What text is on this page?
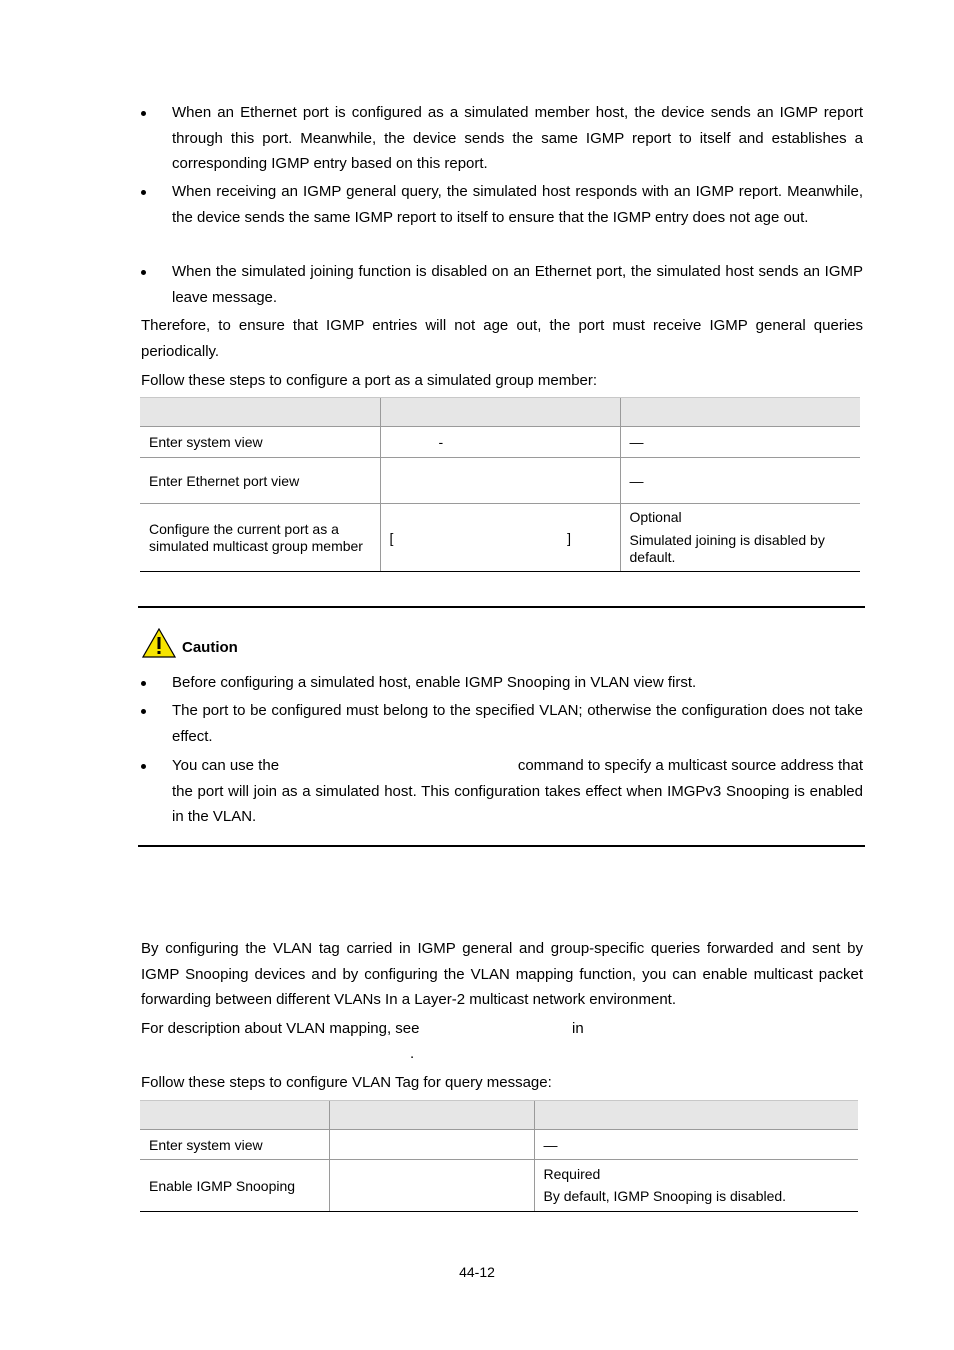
When an Ethernet port is configured as a simulated member host, the device sends an IGMP report through this port. Meanwhile, the device sends the same IGMP report to itself and establishes a corresponding IGMP entry based on this report.
When receiving an IGMP general query, the simulated host responds with an IGMP report. Meanwhile, the device sends the same IGMP report to itself to ensure that the IGMP entry does not age out.
When the simulated joining function is disabled on an Ethernet port, the simulated host sends an IGMP leave message.
Therefore, to ensure that IGMP entries will not age out, the port must receive IGMP general queries periodically.
Follow these steps to configure a port as a simulated group member:

Enter system view	-	—
Enter Ethernet port view		—

Configure the current port as a simulated multicast group member	[ ]	Optional

Simulated joining is disabled by default.

Caution
Before configuring a simulated host, enable IGMP Snooping in VLAN view first.
The port to be configured must belong to the specified VLAN; otherwise the configuration does not take effect.
You can use the	command to specify a multicast source address that
the port will join as a simulated host. This configuration takes effect when IMGPv3 Snooping is enabled in the VLAN.
By configuring the VLAN tag carried in IGMP general and group-specific queries forwarded and sent by IGMP Snooping devices and by configuring the VLAN mapping function, you can enable multicast packet forwarding between different VLANs In a Layer-2 multicast network environment.
For description about VLAN mapping, see	in
.
Follow these steps to configure VLAN Tag for query message:

Enter system view		—
Enable IGMP Snooping		Required

By default, IGMP Snooping is disabled.

44-12
